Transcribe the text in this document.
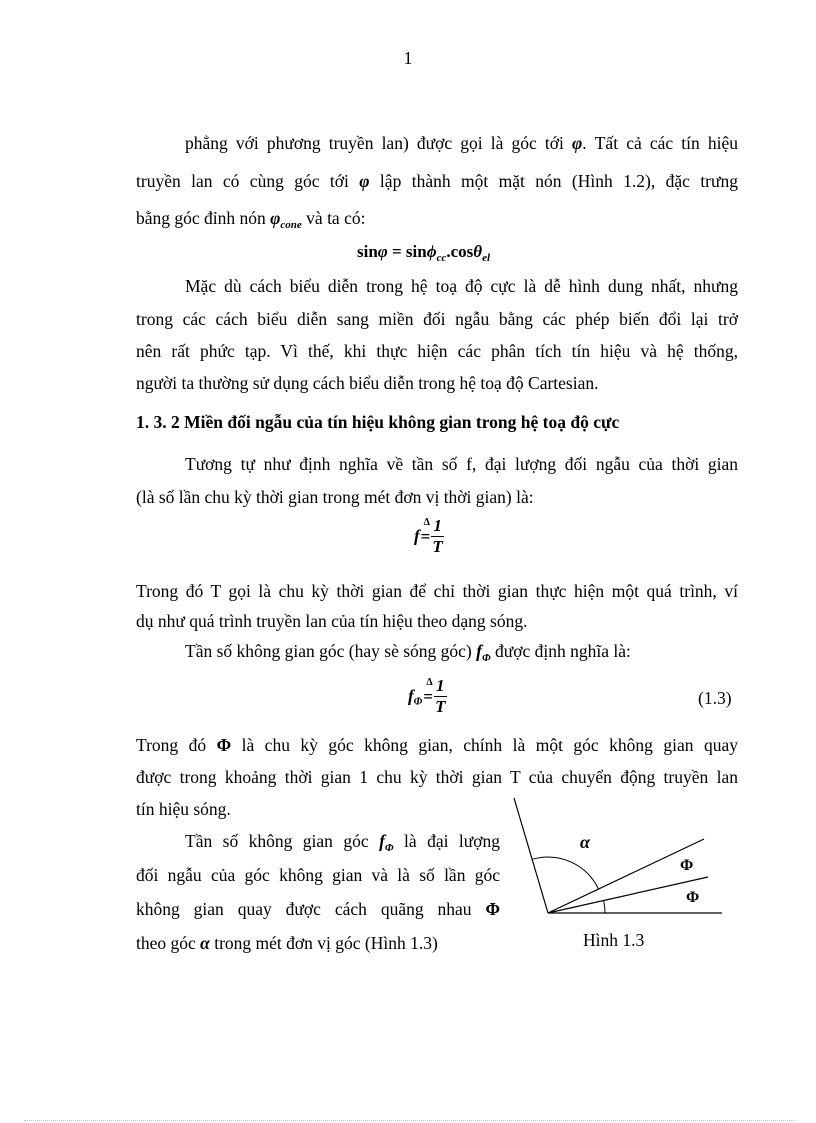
1
phẳng với phương truyền lan) được gọi là góc tới φ. Tất cả các tín hiệu
truyền lan có cùng góc tới φ lập thành một mặt nón (Hình 1.2), đặc trưng
bằng góc đỉnh nón $\varphi_{cone}$ và ta có:
sinφ = sinϕ$_{cc}$.cosθ$_{el}$
Mặc dù cách biểu diễn trong hệ toạ độ cực là dễ hình dung nhất, nhưng
trong các cách biểu diễn sang miền đối ngẫu bằng các phép biến đổi lại trở
nên rất phức tạp. Vì thế, khi thực hiện các phân tích tín hiệu và hệ thống,
người ta thường sử dụng cách biểu diễn trong hệ toạ độ Cartesian.
1. 3. 2 Miền đối ngẫu của tín hiệu không gian trong hệ toạ độ cực
Tương tự như định nghĩa về tần số f, đại lượng đối ngẫu của thời gian
(là số lần chu kỳ thời gian trong mét đơn vị thời gian) là:
f
Δ
= $\frac{1}{T}$
Trong đó T gọi là chu kỳ thời gian để chỉ thời gian thực hiện một quá trình, ví
dụ như quá trình truyền lan của tín hiệu theo dạng sóng.
Tần số không gian góc (hay sè sóng góc) $f_\Phi$ được định nghĩa là:
$f_\Phi$
Δ
= $\frac{1}{T}$	(1.3)
Trong đó Φ là chu kỳ góc không gian, chính là một góc không gian quay
được trong khoảng thời gian 1 chu kỳ thời gian T của chuyển động truyền lan
tín hiệu sóng.
Tần số không gian góc $f_\Phi$ là đại lượng
đối ngẫu của góc không gian và là số lần góc
không gian quay được cách quãng nhau Φ
theo góc α trong mét đơn vị góc (Hình 1.3)
α
Φ
Φ
Hình 1.3
